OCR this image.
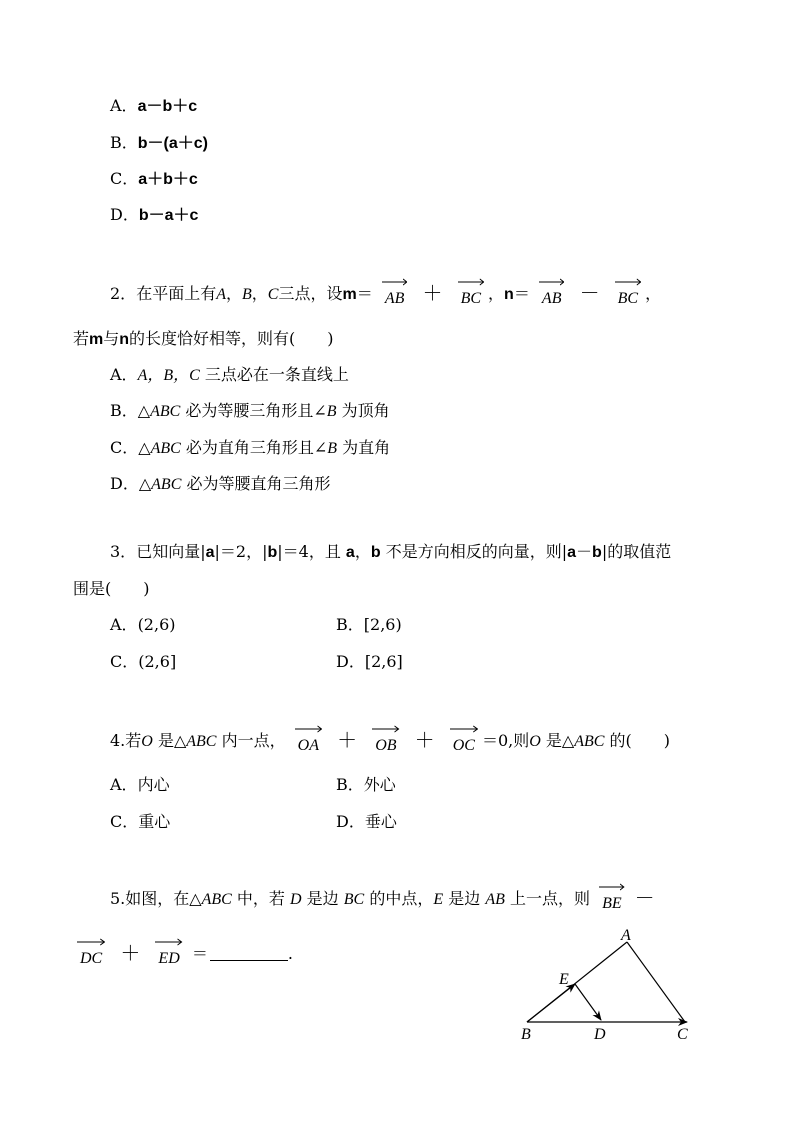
A．a－b＋c
B．b－(a＋c)
C．a＋b＋c
D．b－a＋c
2．在平面上有A，B，C三点，设m＝ AB ＋ BC ，n＝ AB － BC ，
若m与n的长度恰好相等，则有(　　)
A．A，B，C 三点必在一条直线上
B．△ABC 必为等腰三角形且∠B 为顶角
C．△ABC 必为直角三角形且∠B 为直角
D．△ABC 必为等腰直角三角形
3．已知向量|a|＝2，|b|＝4，且 a，b 不是方向相反的向量，则|a－b|的取值范
围是(　　)
A．(2,6)	B．[2,6)
C．(2,6]	D．[2,6]
4.若O 是△ABC 内一点， OA ＋ OB ＋ OC ＝0,则O 是△ABC 的(　　)
A．内心	B．外心
C．重心	D．垂心
5.如图，在△ABC 中，若 D 是边 BC 的中点，E 是边 AB 上一点，则 BE －
DC ＋ ED ＝	.
A
B	C
D
E
